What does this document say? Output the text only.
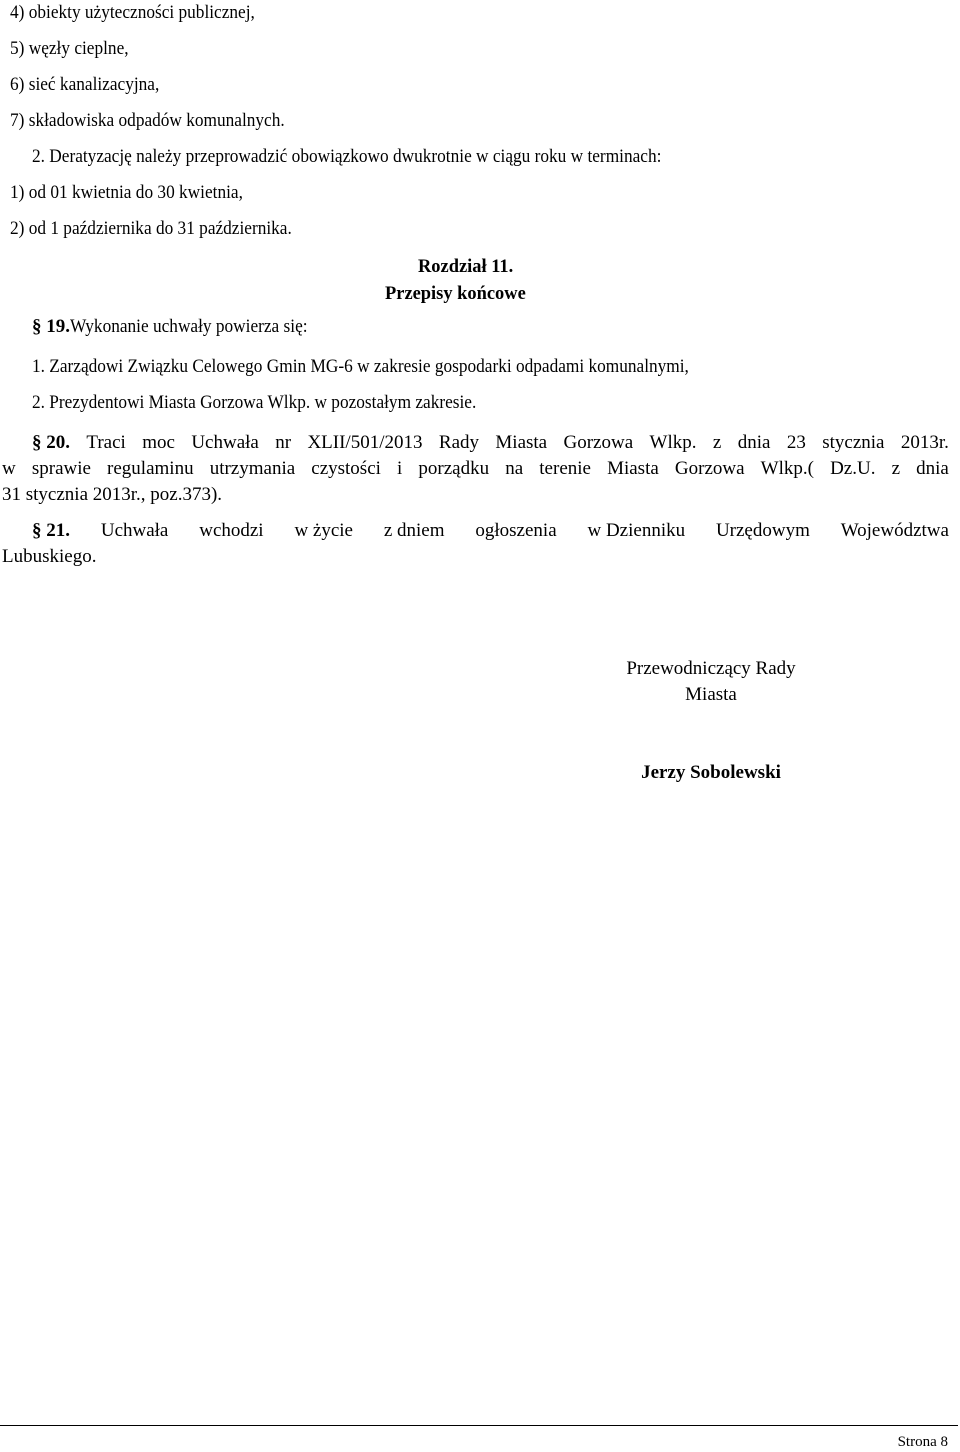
4) obiekty użyteczności publicznej,
5) węzły cieplne,
6) sieć kanalizacyjna,
7) składowiska odpadów komunalnych.
2. Deratyzację należy przeprowadzić obowiązkowo dwukrotnie w ciągu roku w terminach:
1) od 01 kwietnia do 30 kwietnia,
2) od 1 października do 31 października.
Rozdział 11.
Przepisy końcowe
§ 19.Wykonanie uchwały powierza się:
1. Zarządowi Związku Celowego Gmin MG-6 w zakresie gospodarki odpadami komunalnymi,
2. Prezydentowi Miasta Gorzowa Wlkp. w pozostałym zakresie.
§ 20. Traci moc Uchwała nr XLII/501/2013 Rady Miasta Gorzowa Wlkp. z dnia 23 stycznia 2013r.
w sprawie regulaminu utrzymania czystości i porządku na terenie Miasta Gorzowa Wlkp.( Dz.U. z dnia
31 stycznia 2013r., poz.373).
§ 21. Uchwała wchodzi w życie z dniem ogłoszenia w Dzienniku Urzędowym Województwa
Lubuskiego.
Przewodniczący Rady
Miasta
Jerzy Sobolewski
Strona 8
